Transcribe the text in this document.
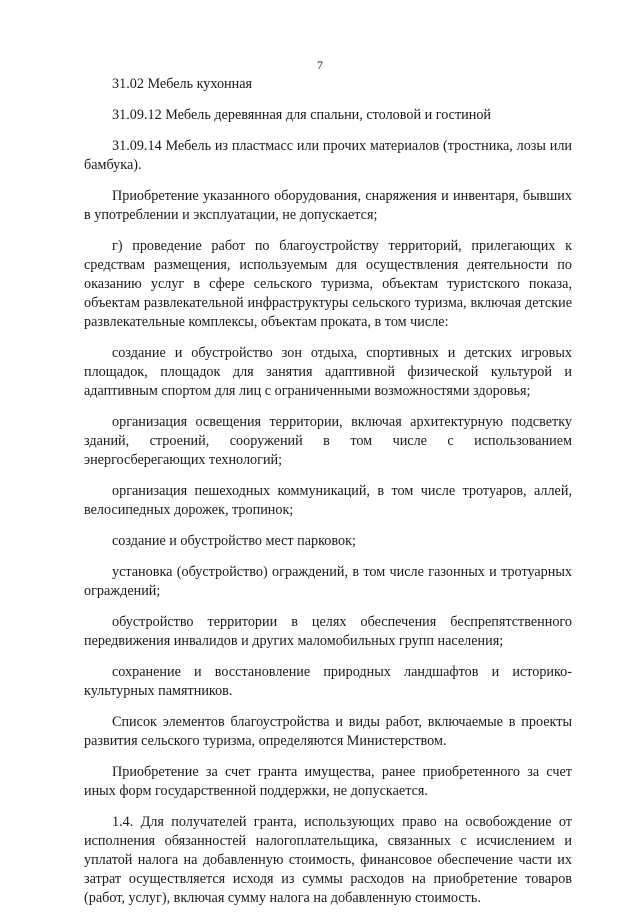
7

31.02 Мебель кухонная

31.09.12 Мебель деревянная для спальни, столовой и гостиной

31.09.14 Мебель из пластмасс или прочих материалов (тростника, лозы или бамбука).

Приобретение указанного оборудования, снаряжения и инвентаря, бывших в употреблении и эксплуатации, не допускается;

г) проведение работ по благоустройству территорий, прилегающих к средствам размещения, используемым для осуществления деятельности по оказанию услуг в сфере сельского туризма, объектам туристского показа, объектам развлекательной инфраструктуры сельского туризма, включая детские развлекательные комплексы, объектам проката, в том числе:

создание и обустройство зон отдыха, спортивных и детских игровых площадок, площадок для занятия адаптивной физической культурой и адаптивным спортом для лиц с ограниченными возможностями здоровья;

организация освещения территории, включая архитектурную подсветку зданий, строений, сооружений в том числе с использованием энергосберегающих технологий;

организация пешеходных коммуникаций, в том числе тротуаров, аллей, велосипедных дорожек, тропинок;

создание и обустройство мест парковок;

установка (обустройство) ограждений, в том числе газонных и тротуарных ограждений;

обустройство территории в целях обеспечения беспрепятственного передвижения инвалидов и других маломобильных групп населения;

сохранение и восстановление природных ландшафтов и историко-культурных памятников.

Список элементов благоустройства и виды работ, включаемые в проекты развития сельского туризма, определяются Министерством.

Приобретение за счет гранта имущества, ранее приобретенного за счет иных форм государственной поддержки, не допускается.

1.4. Для получателей гранта, использующих право на освобождение от исполнения обязанностей налогоплательщика, связанных с исчислением и уплатой налога на добавленную стоимость, финансовое обеспечение части их затрат осуществляется исходя из суммы расходов на приобретение товаров (работ, услуг), включая сумму налога на добавленную стоимость.
